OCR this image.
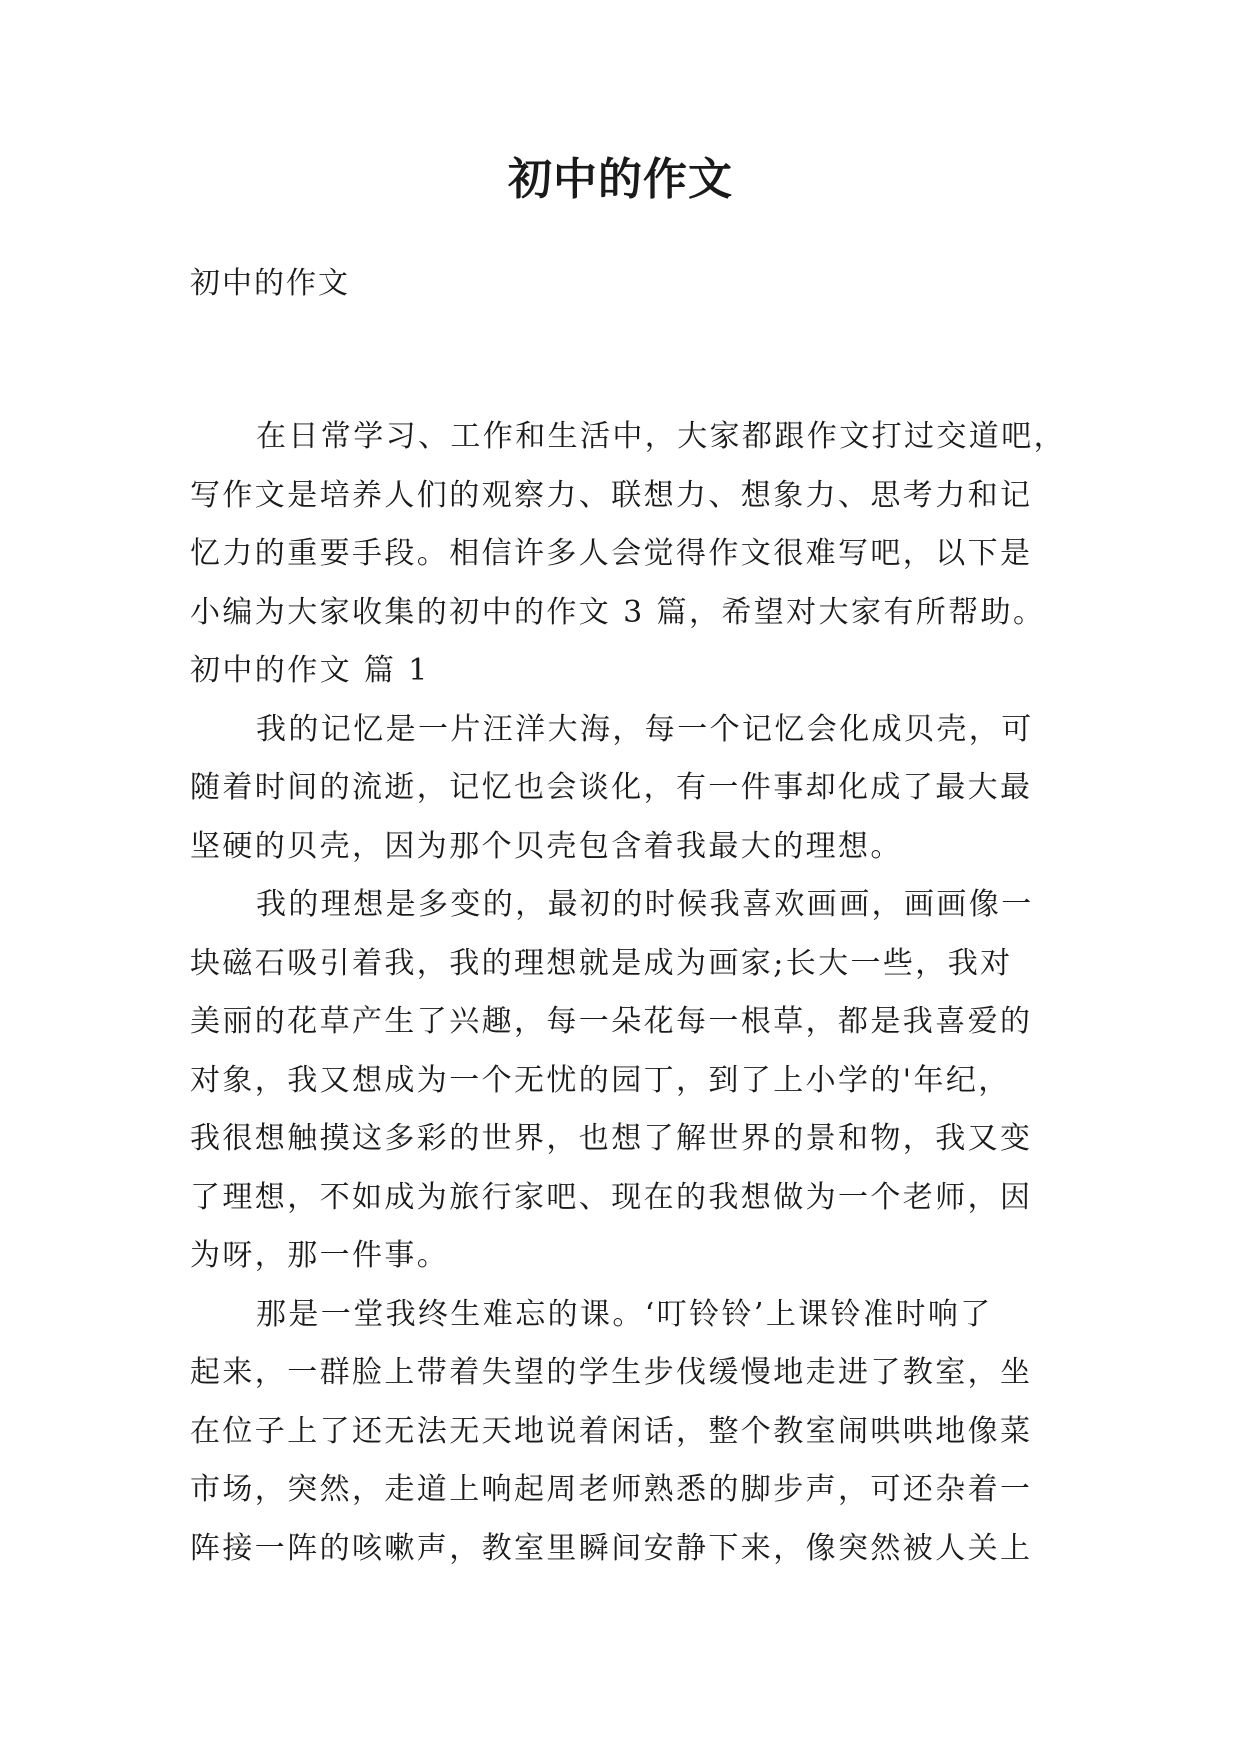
初中的作文

初中的作文

在日常学习、工作和生活中，大家都跟作文打过交道吧，
写作文是培养人们的观察力、联想力、想象力、思考力和记
忆力的重要手段。相信许多人会觉得作文很难写吧，以下是
小编为大家收集的初中的作文 3 篇，希望对大家有所帮助。
初中的作文 篇 1
我的记忆是一片汪洋大海，每一个记忆会化成贝壳，可
随着时间的流逝，记忆也会谈化，有一件事却化成了最大最
坚硬的贝壳，因为那个贝壳包含着我最大的理想。
我的理想是多变的，最初的时候我喜欢画画，画画像一
块磁石吸引着我，我的理想就是成为画家;长大一些，我对
美丽的花草产生了兴趣，每一朵花每一根草，都是我喜爱的
对象，我又想成为一个无忧的园丁，到了上小学的'年纪，
我很想触摸这多彩的世界，也想了解世界的景和物，我又变
了理想，不如成为旅行家吧、现在的我想做为一个老师，因
为呀，那一件事。
那是一堂我终生难忘的课。‘叮铃铃’上课铃准时响了
起来，一群脸上带着失望的学生步伐缓慢地走进了教室，坐
在位子上了还无法无天地说着闲话，整个教室闹哄哄地像菜
市场，突然，走道上响起周老师熟悉的脚步声，可还杂着一
阵接一阵的咳嗽声，教室里瞬间安静下来，像突然被人关上
